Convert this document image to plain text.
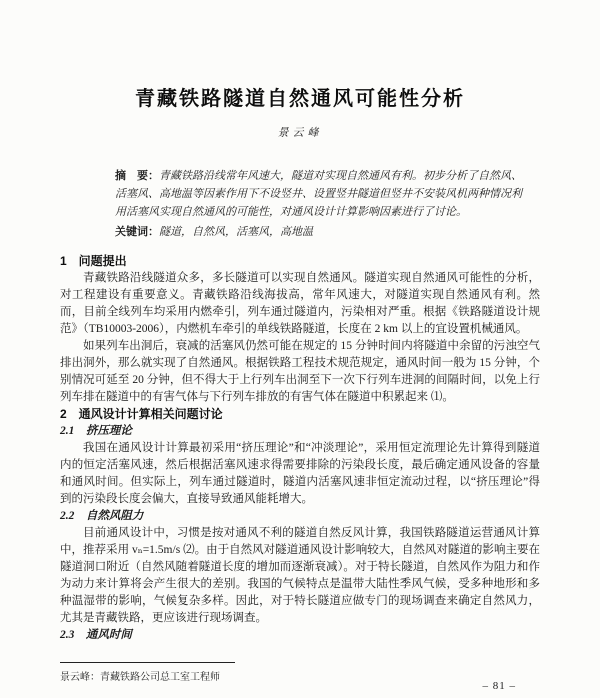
青藏铁路隧道自然通风可能性分析
景云峰

摘　要：青藏铁路沿线常年风速大，隧道对实现自然通风有利。初步分析了自然风、活塞风、高地温等因素作用下不设竖井、设置竖井隧道但竖井不安装风机两种情况利用活塞风实现自然通风的可能性，对通风设计计算影响因素进行了讨论。

关键词：隧道，自然风，活塞风，高地温

1　问题提出

青藏铁路沿线隧道众多，多长隧道可以实现自然通风。隧道实现自然通风可能性的分析，对工程建设有重要意义。青藏铁路沿线海拔高，常年风速大，对隧道实现自然通风有利。然而，目前全线列车均采用内燃牵引，列车通过隧道内，污染相对严重。根据《铁路隧道设计规范》（TB10003-2006），内燃机车牵引的单线铁路隧道，长度在 2 km 以上的宜设置机械通风。

如果列车出洞后，衰减的活塞风仍然可能在规定的 15 分钟时间内将隧道中余留的污浊空气排出洞外，那么就实现了自然通风。根据铁路工程技术规范规定，通风时间一般为 15 分钟，个别情况可延至 20 分钟，但不得大于上行列车出洞至下一次下行列车进洞的间隔时间，以免上行列车排在隧道中的有害气体与下行列车排放的有害气体在隧道中积累起来 ⑴。

2　通风设计计算相关问题讨论
2.1　挤压理论

我国在通风设计计算最初采用“挤压理论”和“冲淡理论”，采用恒定流理论先计算得到隧道内的恒定活塞风速，然后根据活塞风速求得需要排除的污染段长度，最后确定通风设备的容量和通风时间。但实际上，列车通过隧道时，隧道内活塞风速非恒定流动过程，以“挤压理论”得到的污染段长度会偏大，直接导致通风能耗增大。

2.2　自然风阻力

目前通风设计中，习惯是按对通风不利的隧道自然反风计算，我国铁路隧道运营通风计算中，推荐采用 vₙ=1.5m/s ⑵。由于自然风对隧道通风设计影响较大，自然风对隧道的影响主要在隧道洞口附近（自然风随着隧道长度的增加而逐渐衰减）。对于特长隧道，自然风作为阻力和作为动力来计算将会产生很大的差别。我国的气候特点是温带大陆性季风气候，受多种地形和多种温湿带的影响，气候复杂多样。因此，对于特长隧道应做专门的现场调查来确定自然风力，尤其是青藏铁路，更应该进行现场调查。

2.3　通风时间
景云峰：青藏铁路公司总工室工程师
– 81 –
